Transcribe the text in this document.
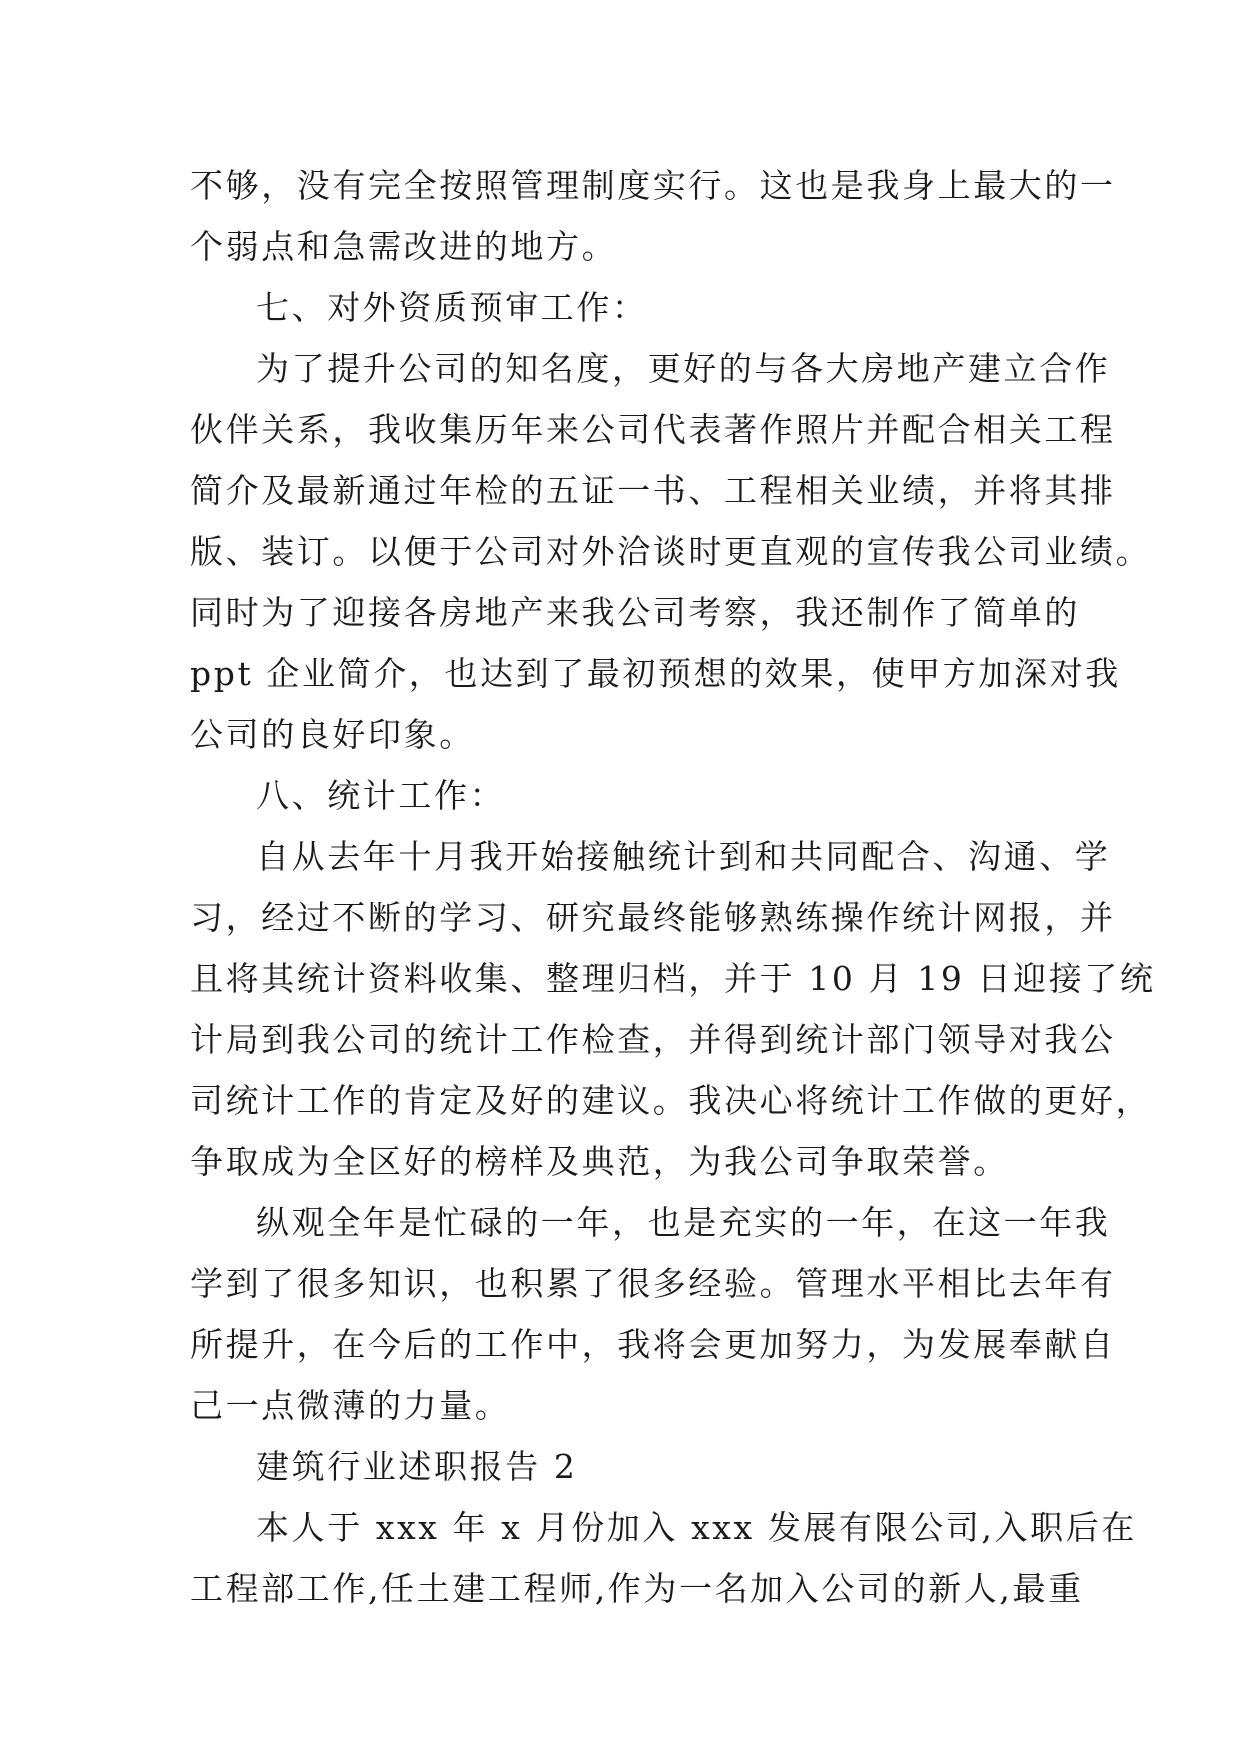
不够，没有完全按照管理制度实行。这也是我身上最大的一
个弱点和急需改进的地方。
七、对外资质预审工作：
为了提升公司的知名度，更好的与各大房地产建立合作
伙伴关系，我收集历年来公司代表著作照片并配合相关工程
简介及最新通过年检的五证一书、工程相关业绩，并将其排
版、装订。以便于公司对外洽谈时更直观的宣传我公司业绩。
同时为了迎接各房地产来我公司考察，我还制作了简单的
ppt 企业简介，也达到了最初预想的效果，使甲方加深对我
公司的良好印象。
八、统计工作：
自从去年十月我开始接触统计到和共同配合、沟通、学
习，经过不断的学习、研究最终能够熟练操作统计网报，并
且将其统计资料收集、整理归档，并于 10 月 19 日迎接了统
计局到我公司的统计工作检查，并得到统计部门领导对我公
司统计工作的肯定及好的建议。我决心将统计工作做的更好，
争取成为全区好的榜样及典范，为我公司争取荣誉。
纵观全年是忙碌的一年，也是充实的一年，在这一年我
学到了很多知识，也积累了很多经验。管理水平相比去年有
所提升，在今后的工作中，我将会更加努力，为发展奉献自
己一点微薄的力量。
建筑行业述职报告 2
本人于 xxx 年 x 月份加入 xxx 发展有限公司,入职后在
工程部工作,任土建工程师,作为一名加入公司的新人,最重
